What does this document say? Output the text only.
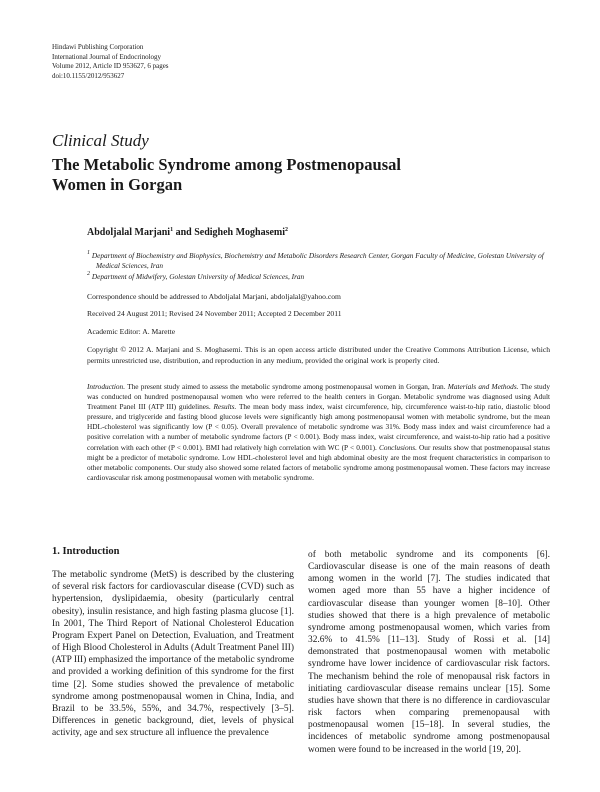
Hindawi Publishing Corporation
International Journal of Endocrinology
Volume 2012, Article ID 953627, 6 pages
doi:10.1155/2012/953627
Clinical Study
The Metabolic Syndrome among Postmenopausal
Women in Gorgan
Abdoljalal Marjani$^1$ and Sedigheh Moghasemi$^2$
$^1$ Department of Biochemistry and Biophysics, Biochemistry and Metabolic Disorders Research Center, Gorgan Faculty of Medicine, Golestan University of Medical Sciences, Iran
$^2$ Department of Midwifery, Golestan University of Medical Sciences, Iran
Correspondence should be addressed to Abdoljalal Marjani, abdoljalal@yahoo.com
Received 24 August 2011; Revised 24 November 2011; Accepted 2 December 2011
Academic Editor: A. Marette
Copyright © 2012 A. Marjani and S. Moghasemi. This is an open access article distributed under the Creative Commons Attribution License, which permits unrestricted use, distribution, and reproduction in any medium, provided the original work is properly cited.
Introduction. The present study aimed to assess the metabolic syndrome among postmenopausal women in Gorgan, Iran. Materials and Methods. The study was conducted on hundred postmenopausal women who were referred to the health centers in Gorgan. Metabolic syndrome was diagnosed using Adult Treatment Panel III (ATP III) guidelines. Results. The mean body mass index, waist circumference, hip, circumference waist-to-hip ratio, diastolic blood pressure, and triglyceride and fasting blood glucose levels were significantly high among postmenopausal women with metabolic syndrome, but the mean HDL-cholesterol was significantly low (P < 0.05). Overall prevalence of metabolic syndrome was 31%. Body mass index and waist circumference had a positive correlation with a number of metabolic syndrome factors (P < 0.001). Body mass index, waist circumference, and waist-to-hip ratio had a positive correlation with each other (P < 0.001). BMI had relatively high correlation with WC (P < 0.001). Conclusions. Our results show that postmenopausal status might be a predictor of metabolic syndrome. Low HDL-cholesterol level and high abdominal obesity are the most frequent characteristics in comparison to other metabolic components. Our study also showed some related factors of metabolic syndrome among postmenopausal women. These factors may increase cardiovascular risk among postmenopausal women with metabolic syndrome.
1. Introduction

The metabolic syndrome (MetS) is described by the clustering of several risk factors for cardiovascular disease (CVD) such as hypertension, dyslipidaemia, obesity (particularly central obesity), insulin resistance, and high fasting plasma glucose [1]. In 2001, The Third Report of National Cholesterol Education Program Expert Panel on Detection, Evaluation, and Treatment of High Blood Cholesterol in Adults (Adult Treatment Panel III) (ATP III) emphasized the importance of the metabolic syndrome and provided a working definition of this syndrome for the first time [2]. Some studies showed the prevalence of metabolic syndrome among postmenopausal women in China, India, and Brazil to be 33.5%, 55%, and 34.7%, respectively [3–5]. Differences in genetic background, diet, levels of physical activity, age and sex structure all influence the prevalence

of both metabolic syndrome and its components [6]. Cardiovascular disease is one of the main reasons of death among women in the world [7]. The studies indicated that women aged more than 55 have a higher incidence of cardiovascular disease than younger women [8–10]. Other studies showed that there is a high prevalence of metabolic syndrome among postmenopausal women, which varies from 32.6% to 41.5% [11–13]. Study of Rossi et al. [14] demonstrated that postmenopausal women with metabolic syndrome have lower incidence of cardiovascular risk factors. The mechanism behind the role of menopausal risk factors in initiating cardiovascular disease remains unclear [15]. Some studies have shown that there is no difference in cardiovascular risk factors when comparing premenopausal with postmenopausal women [15–18]. In several studies, the incidences of metabolic syndrome among postmenopausal women were found to be increased in the world [19, 20].
